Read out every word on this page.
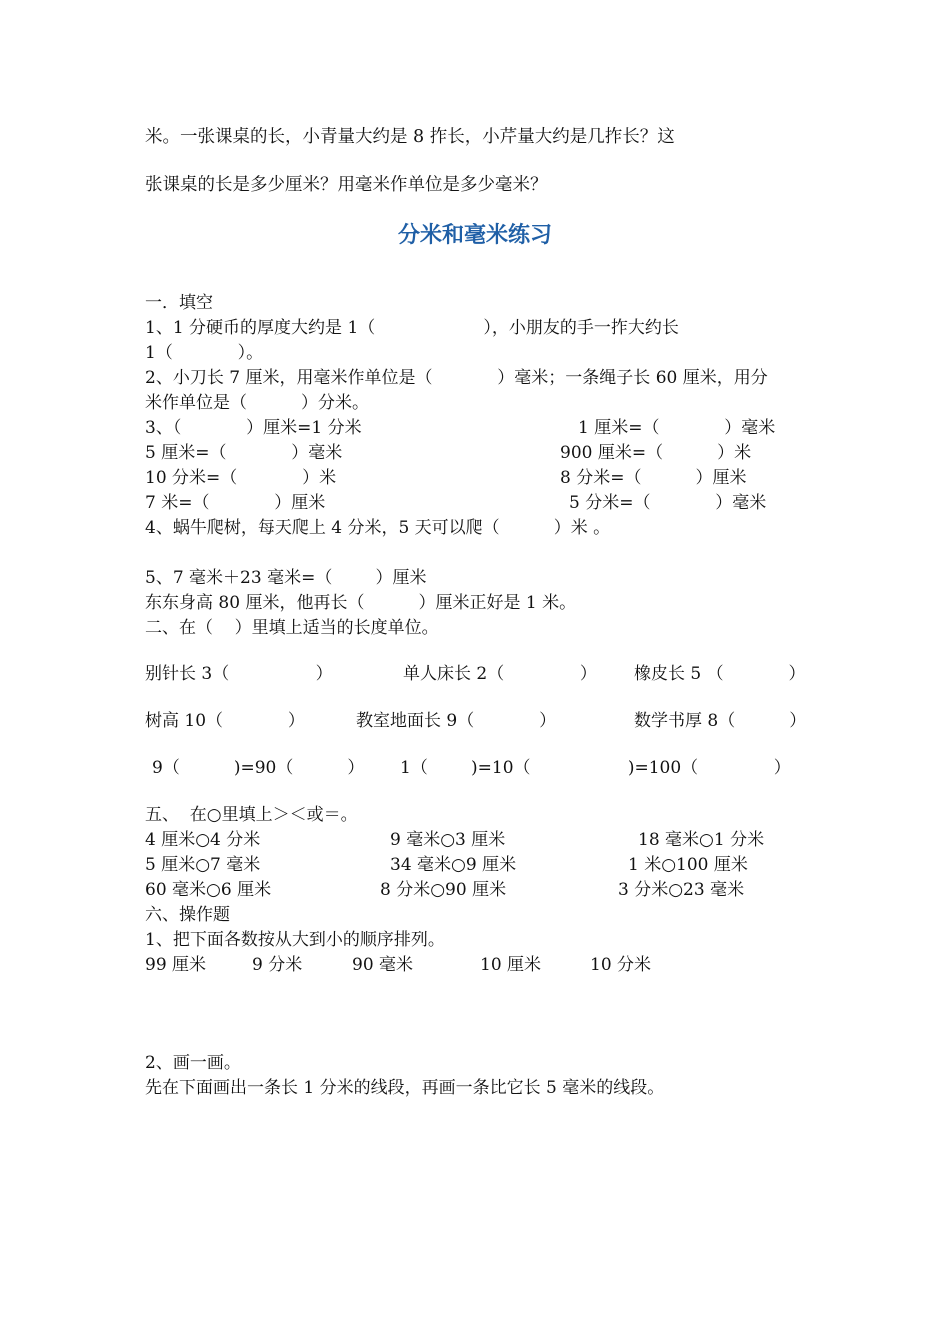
米。一张课桌的长，小青量大约是 8 拃长，小芹量大约是几拃长？这
张课桌的长是多少厘米？用毫米作单位是多少毫米？
分米和毫米练习
一．填空
1、1 分硬币的厚度大约是 1（                    ），小朋友的手一拃大约长
1（            ）。
2、小刀长 7 厘米，用毫米作单位是（            ）毫米；一条绳子长 60 厘米，用分
米作单位是（          ）分米。
3、（            ）厘米=1 分米	1 厘米=（            ）毫米
5 厘米=（            ）毫米	900 厘米=（          ）米
10 分米=（            ）米	8 分米=（          ）厘米
7 米=（            ）厘米	5 分米=（            ）毫米
4、蜗牛爬树，每天爬上 4 分米，5 天可以爬（          ）米 。
5、7 毫米＋23 毫米=（        ）厘米
东东身高 80 厘米，他再长（          ）厘米正好是 1 米。
二、在（    ）里填上适当的长度单位。
别针长 3（                ）	单人床长 2（              ） 橡皮长 5 （            ）
树高 10（            ）	教室地面长 9（            ）	数学书厚 8（          ）
9（          )=90（          ） 1（        )=10（                  )=100（              ）
五、  在○里填上＞＜或＝。
4 厘米○4 分米	9 毫米○3 厘米	18 毫米○1 分米
5 厘米○7 毫米	34 毫米○9 厘米	1 米○100 厘米
60 毫米○6 厘米	8 分米○90 厘米	3 分米○23 毫米
六、操作题
1、把下面各数按从大到小的顺序排列。
99 厘米	9 分米	90 毫米	10 厘米	10 分米
2、画一画。
先在下面画出一条长 1 分米的线段，再画一条比它长 5 毫米的线段。
